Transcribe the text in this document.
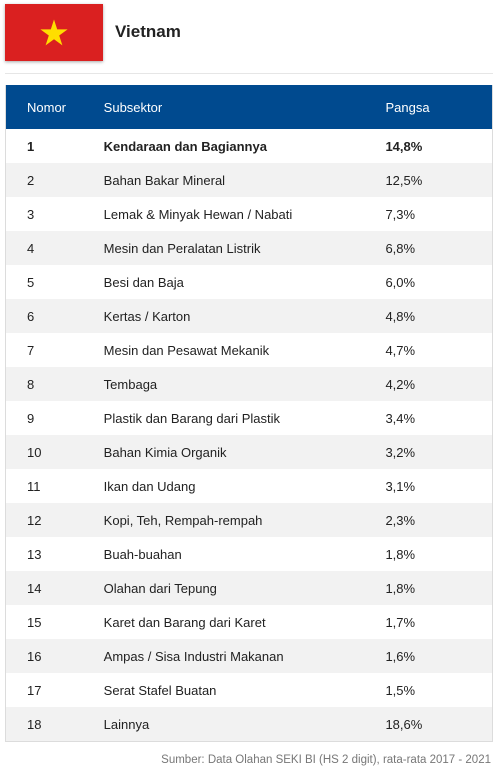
Vietnam
Nomor	Subsektor	Pangsa
1	Kendaraan dan Bagiannya	14,8%
2	Bahan Bakar Mineral	12,5%
3	Lemak & Minyak Hewan / Nabati	7,3%
4	Mesin dan Peralatan Listrik	6,8%
5	Besi dan Baja	6,0%
6	Kertas / Karton	4,8%
7	Mesin dan Pesawat Mekanik	4,7%
8	Tembaga	4,2%
9	Plastik dan Barang dari Plastik	3,4%
10	Bahan Kimia Organik	3,2%
11	Ikan dan Udang	3,1%
12	Kopi, Teh, Rempah-rempah	2,3%
13	Buah-buahan	1,8%
14	Olahan dari Tepung	1,8%
15	Karet dan Barang dari Karet	1,7%
16	Ampas / Sisa Industri Makanan	1,6%
17	Serat Stafel Buatan	1,5%
18	Lainnya	18,6%
Sumber: Data Olahan SEKI BI (HS 2 digit), rata-rata 2017 - 2021
